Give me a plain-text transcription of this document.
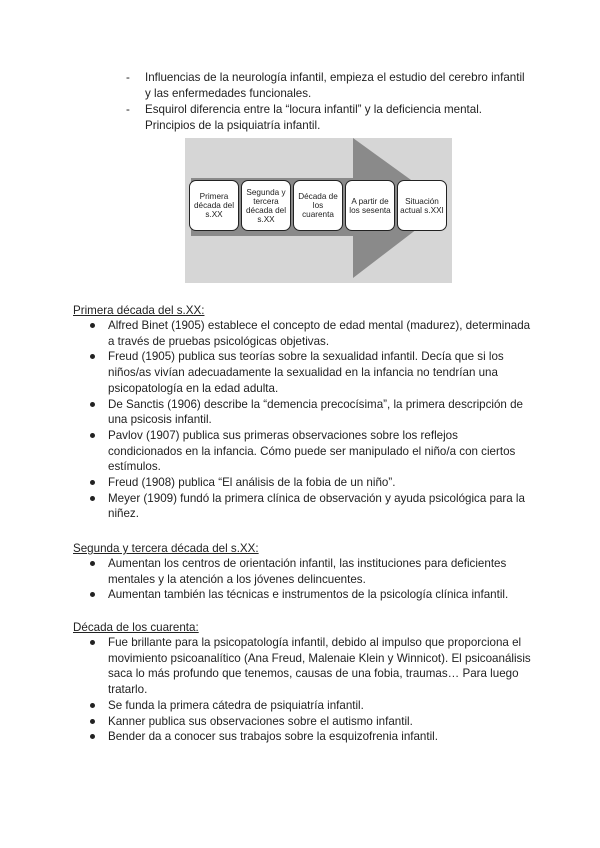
- Influencias de la neurología infantil, empieza el estudio del cerebro infantil y las enfermedades funcionales.
- Esquirol diferencia entre la “locura infantil” y la deficiencia mental. Principios de la psiquiatría infantil.
Primera década del s.XX
Segunda y tercera década del s.XX
Década de los cuarenta
A partir de los sesenta
Situación actual s.XXI
Primera década del s.XX:
Alfred Binet (1905) establece el concepto de edad mental (madurez), determinada a través de pruebas psicológicas objetivas.
Freud (1905) publica sus teorías sobre la sexualidad infantil. Decía que si los niños/as vivían adecuadamente la sexualidad en la infancia no tendrían una psicopatología en la edad adulta.
De Sanctis (1906) describe la “demencia precocísima”, la primera descripción de una psicosis infantil.
Pavlov (1907) publica sus primeras observaciones sobre los reflejos condicionados en la infancia. Cómo puede ser manipulado el niño/a con ciertos estímulos.
Freud (1908) publica “El análisis de la fobia de un niño”.
Meyer (1909) fundó la primera clínica de observación y ayuda psicológica para la niñez.
Segunda y tercera década del s.XX:
Aumentan los centros de orientación infantil, las instituciones para deficientes mentales y la atención a los jóvenes delincuentes.
Aumentan también las técnicas e instrumentos de la psicología clínica infantil.
Década de los cuarenta:
Fue brillante para la psicopatología infantil, debido al impulso que proporciona el movimiento psicoanalítico (Ana Freud, Malenaie Klein y Winnicot). El psicoanálisis saca lo más profundo que tenemos, causas de una fobia, traumas… Para luego tratarlo.
Se funda la primera cátedra de psiquiatría infantil.
Kanner publica sus observaciones sobre el autismo infantil.
Bender da a conocer sus trabajos sobre la esquizofrenia infantil.
